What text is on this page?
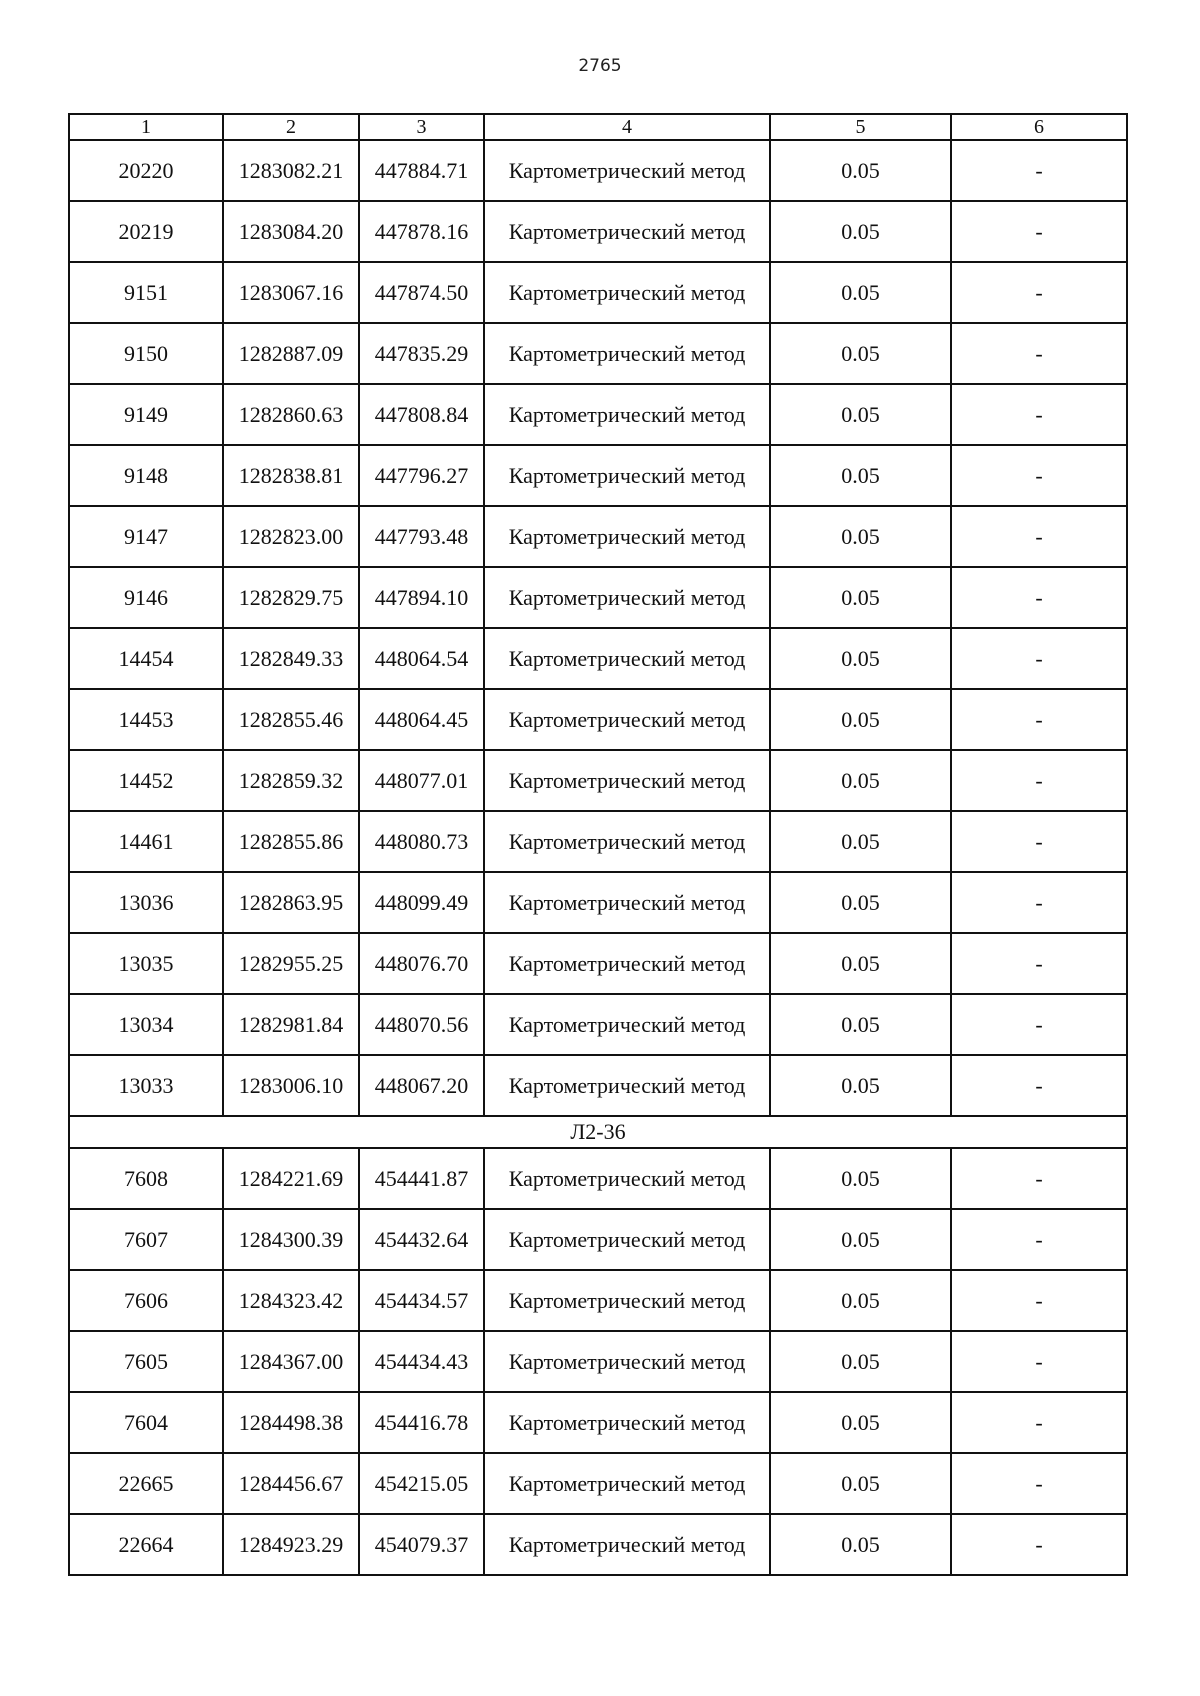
2765
1	2	3	4	5	6
20220	1283082.21	447884.71	Картометрический метод	0.05	-
20219	1283084.20	447878.16	Картометрический метод	0.05	-
9151	1283067.16	447874.50	Картометрический метод	0.05	-
9150	1282887.09	447835.29	Картометрический метод	0.05	-
9149	1282860.63	447808.84	Картометрический метод	0.05	-
9148	1282838.81	447796.27	Картометрический метод	0.05	-
9147	1282823.00	447793.48	Картометрический метод	0.05	-
9146	1282829.75	447894.10	Картометрический метод	0.05	-
14454	1282849.33	448064.54	Картометрический метод	0.05	-
14453	1282855.46	448064.45	Картометрический метод	0.05	-
14452	1282859.32	448077.01	Картометрический метод	0.05	-
14461	1282855.86	448080.73	Картометрический метод	0.05	-
13036	1282863.95	448099.49	Картометрический метод	0.05	-
13035	1282955.25	448076.70	Картометрический метод	0.05	-
13034	1282981.84	448070.56	Картометрический метод	0.05	-
13033	1283006.10	448067.20	Картометрический метод	0.05	-
Л2-36					
7608	1284221.69	454441.87	Картометрический метод	0.05	-
7607	1284300.39	454432.64	Картометрический метод	0.05	-
7606	1284323.42	454434.57	Картометрический метод	0.05	-
7605	1284367.00	454434.43	Картометрический метод	0.05	-
7604	1284498.38	454416.78	Картометрический метод	0.05	-
22665	1284456.67	454215.05	Картометрический метод	0.05	-
22664	1284923.29	454079.37	Картометрический метод	0.05	-
